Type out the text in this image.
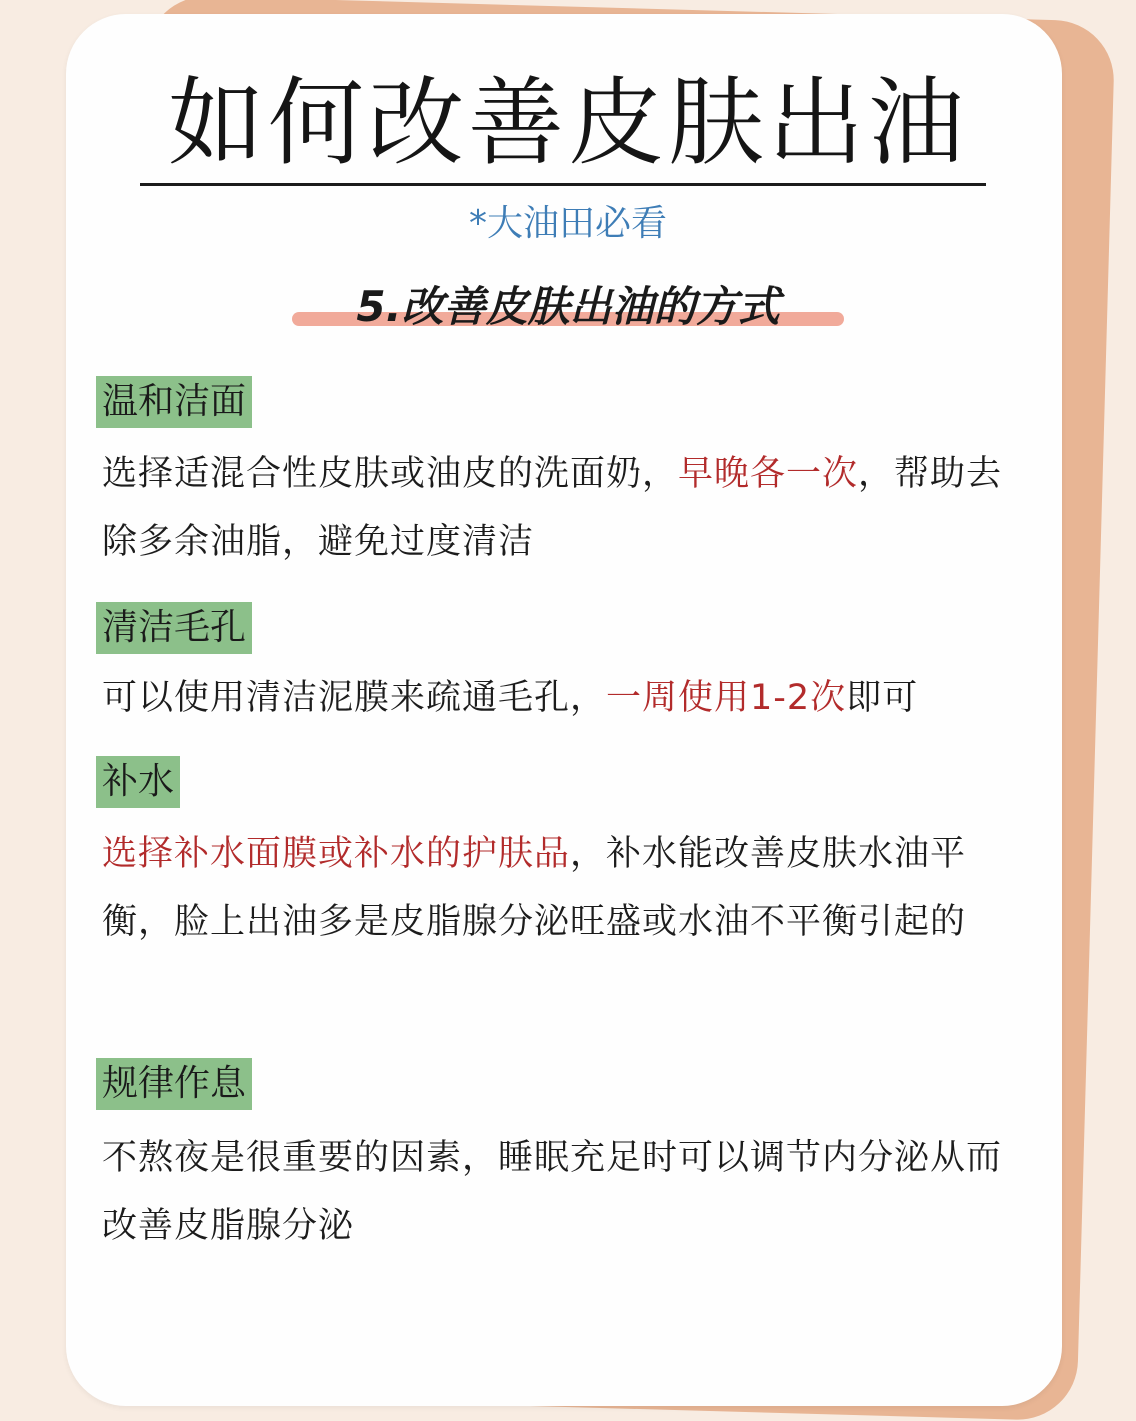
如何改善皮肤出油
*大油田必看
5.改善皮肤出油的方式
温和洁面
选择适混合性皮肤或油皮的洗面奶，早晚各一次，帮助去除多余油脂，避免过度清洁
清洁毛孔
可以使用清洁泥膜来疏通毛孔，一周使用1-2次即可
补水
选择补水面膜或补水的护肤品，补水能改善皮肤水油平衡，脸上出油多是皮脂腺分泌旺盛或水油不平衡引起的
规律作息
不熬夜是很重要的因素，睡眠充足时可以调节内分泌从而改善皮脂腺分泌
